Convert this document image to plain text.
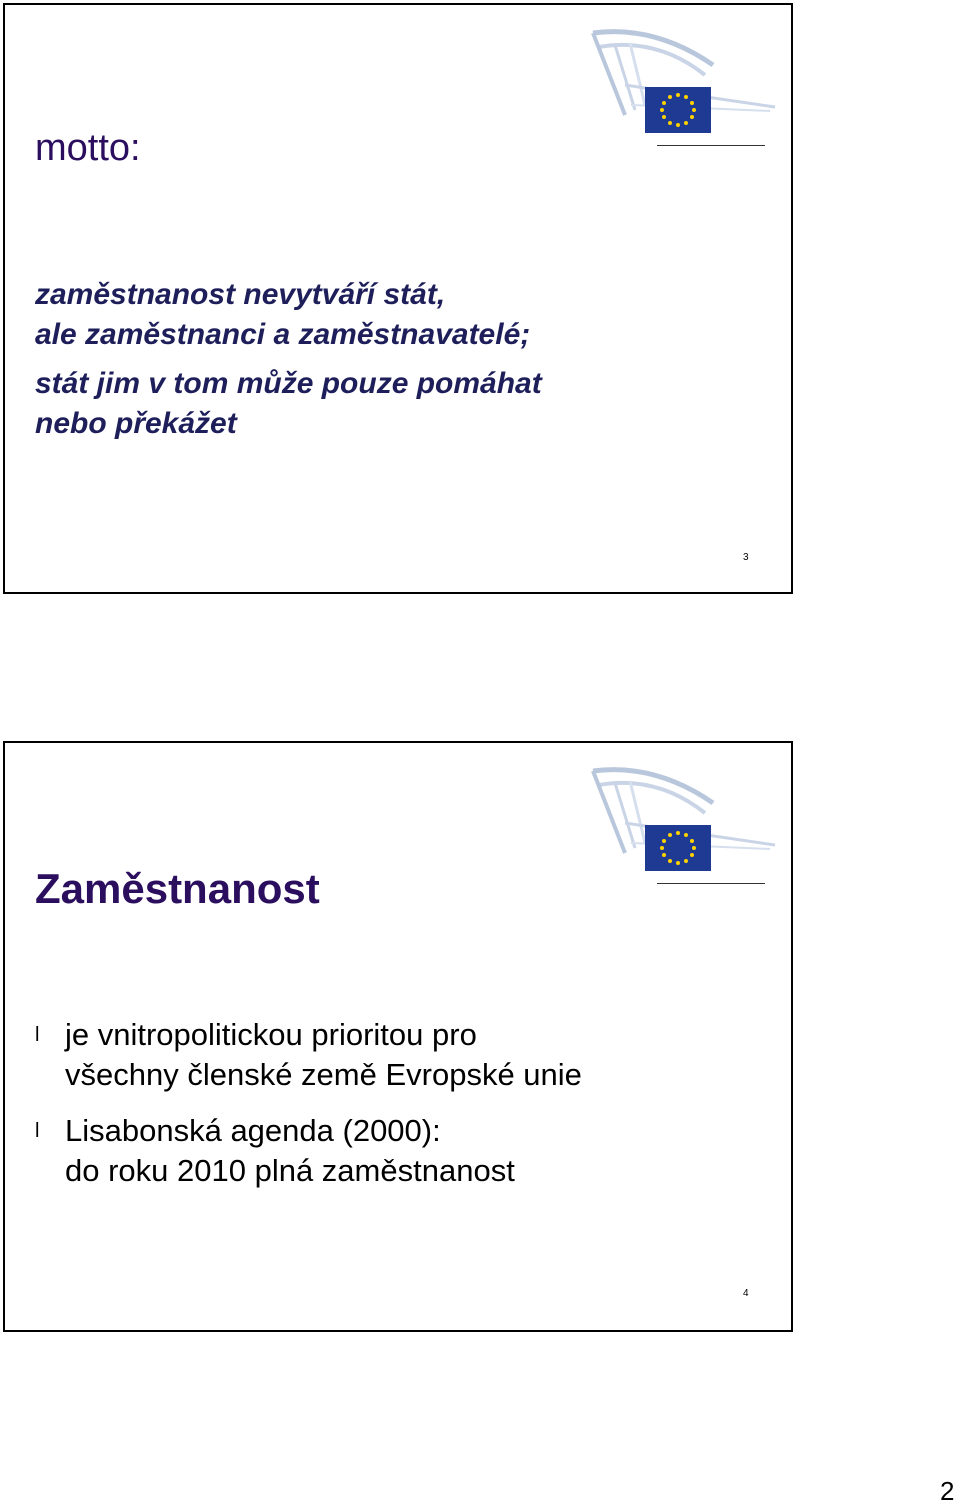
motto:

zaměstnanost nevytváří stát,
ale zaměstnanci a zaměstnavatelé;
stát jim v tom může pouze pomáhat
nebo překážet

3
Zaměstnanost
l je vnitropolitickou prioritou pro
všechny členské země Evropské unie
l Lisabonská agenda (2000):
do roku 2010 plná zaměstnanost
4
2
